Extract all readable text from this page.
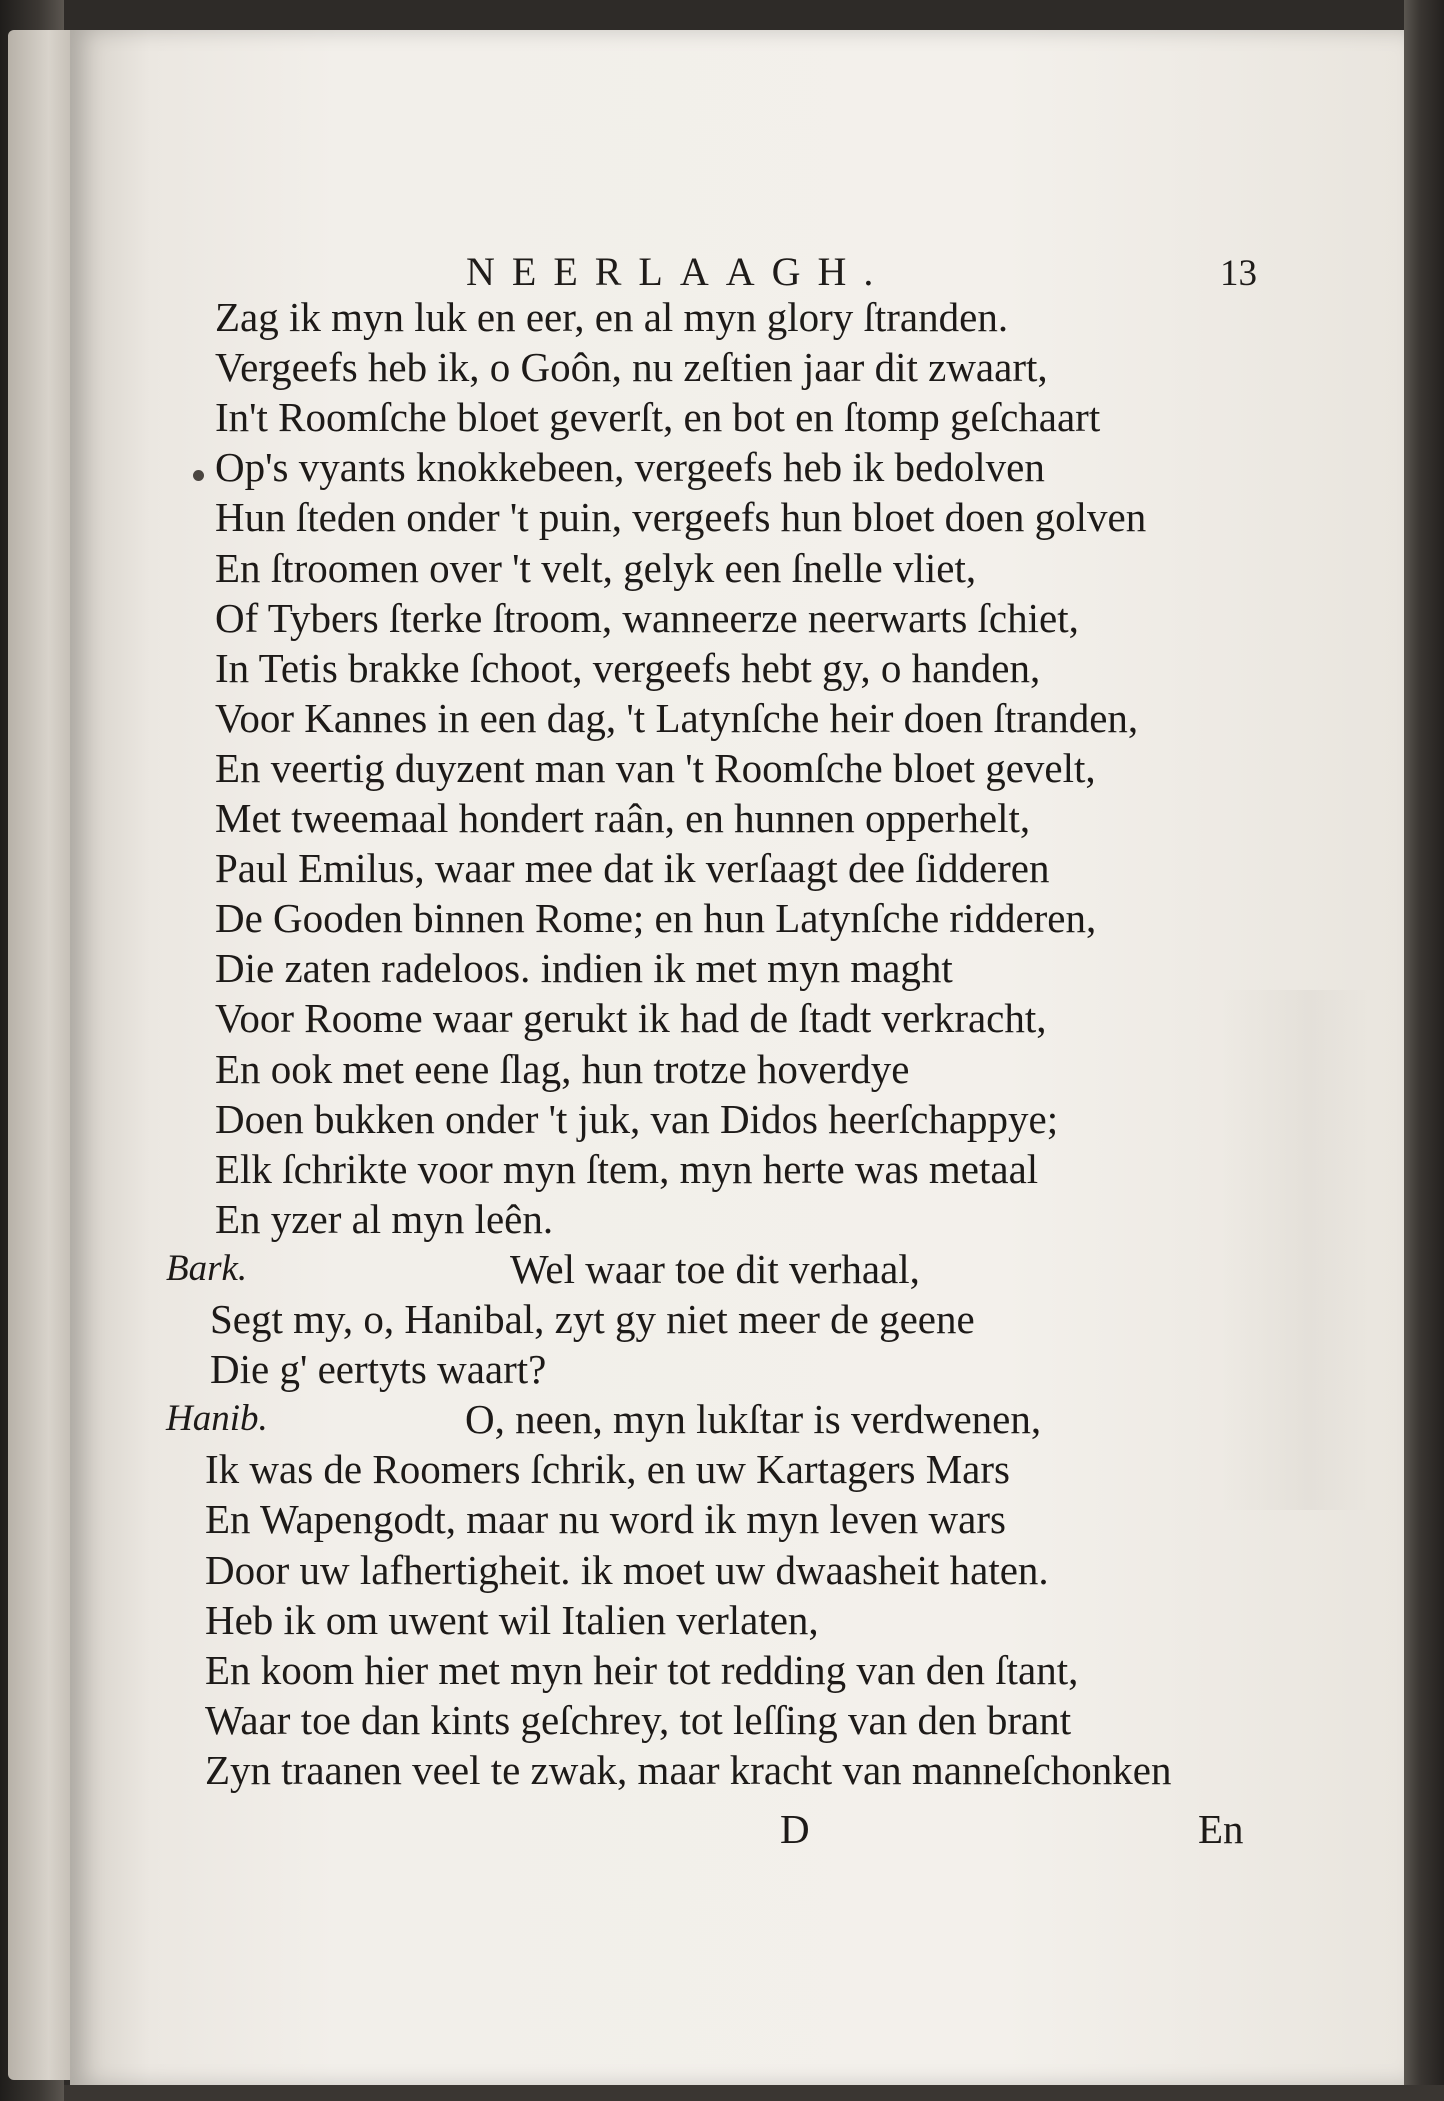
NEERLAAGH.	13
Zag ik myn luk en eer, en al myn glory ſtranden.
Vergeefs heb ik, o Goôn, nu zeſtien jaar dit zwaart,
In't Roomſche bloet geverſt, en bot en ſtomp geſchaart
Op's vyants knokkebeen, vergeefs heb ik bedolven
Hun ſteden onder 't puin, vergeefs hun bloet doen golven
En ſtroomen over 't velt, gelyk een ſnelle vliet,
Of Tybers ſterke ſtroom, wanneerze neerwarts ſchiet,
In Tetis brakke ſchoot, vergeefs hebt gy, o handen,
Voor Kannes in een dag, 't Latynſche heir doen ſtranden,
En veertig duyzent man van 't Roomſche bloet gevelt,
Met tweemaal hondert raân, en hunnen opperhelt,
Paul Emilus, waar mee dat ik verſaagt dee ſidderen
De Gooden binnen Rome; en hun Latynſche ridderen,
Die zaten radeloos. indien ik met myn maght
Voor Roome waar gerukt ik had de ſtadt verkracht,
En ook met eene ſlag, hun trotze hoverdye
Doen bukken onder 't juk, van Didos heerſchappye;
Elk ſchrikte voor myn ſtem, myn herte was metaal
En yzer al myn leên.
Bark.	Wel waar toe dit verhaal,
Segt my, o, Hanibal, zyt gy niet meer de geene
Die g' eertyts waart?
Hanib.	O, neen, myn lukſtar is verdwenen,
Ik was de Roomers ſchrik, en uw Kartagers Mars
En Wapengodt, maar nu word ik myn leven wars
Door uw lafhertigheit. ik moet uw dwaasheit haten.
Heb ik om uwent wil Italien verlaten,
En koom hier met myn heir tot redding van den ſtant,
Waar toe dan kints geſchrey, tot leſſing van den brant
Zyn traanen veel te zwak, maar kracht van manneſchonken
D	En
